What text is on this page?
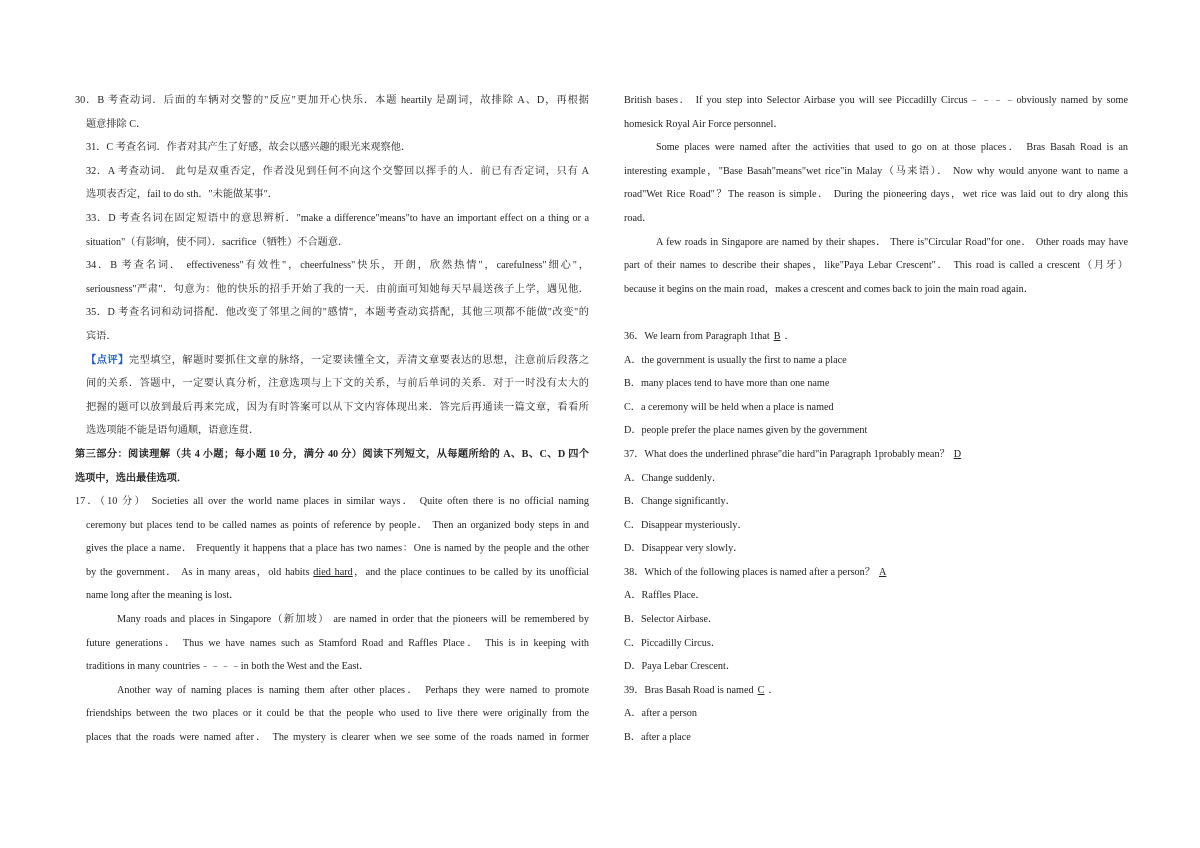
30．B 考查动词．后面的车辆对交警的"反应"更加开心快乐．本题 heartily 是副词，故排除 A、D，再根据

题意排除 C．

31．C 考查名词．作者对其产生了好感，故会以感兴趣的眼光来观察他．

32．A 考查动词． 此句是双重否定，作者没见到任何不向这个交警回以挥手的人．前已有否定词，只有 A

选项表否定，fail to do sth．"未能做某事"．

33．D 考查名词在固定短语中的意思辨析．"make a difference"means"to have an important effect on a thing or a

situation"（有影响，使不同）．sacrifice（牺牲）不合题意．

34．B 考查名词． effectiveness"有效性"，cheerfulness"快乐，开朗，欣然热情"，carefulness"细心"，

seriousness"严肃"．句意为：他的快乐的招手开始了我的一天．由前面可知她每天早晨送孩子上学，遇见他．

35．D 考查名词和动词搭配．他改变了邻里之间的"感情"，本题考查动宾搭配，其他三项都不能做"改变"的

宾语．

【点评】完型填空，解题时要抓住文章的脉络，一定要读懂全文，弄清文章要表达的思想，注意前后段落之

间的关系．答题中，一定要认真分析，注意选项与上下文的关系，与前后单词的关系．对于一时没有太大的

把握的题可以放到最后再来完成，因为有时答案可以从下文内容体现出来．答完后再通读一篇文章，看看所

选选项能不能是语句通顺，语意连贯．

第三部分：阅读理解（共 4 小题；每小题 10 分，满分 40 分）阅读下列短文，从每题所给的 A、B、C、D 四个

选项中，选出最佳选项．

17．（10 分） Societies all over the world name places in similar ways． Quite often there is no official naming

ceremony but places tend to be called names as points of reference by people． Then an organized body steps in and

gives the place a name． Frequently it happens that a place has two names：One is named by the people and the other

by the government． As in many areas，old habits died hard，and the place continues to be called by its unofficial

name long after the meaning is lost．

Many roads and places in Singapore（新加坡） are named in order that the pioneers will be remembered by

future generations． Thus we have names such as Stamford Road and Raffles Place． This is in keeping with

traditions in many countries﹣﹣﹣﹣in both the West and the East．

Another way of naming places is naming them after other places． Perhaps they were named to promote

friendships between the two places or it could be that the people who used to live there were originally from the

places that the roads were named after． The mystery is clearer when we see some of the roads named in former

British bases． If you step into Selector Airbase you will see Piccadilly Circus﹣﹣﹣﹣obviously named by some

homesick Royal Air Force personnel．

Some places were named after the activities that used to go on at those places． Bras Basah Road is an

interesting example，"Base Basah"means"wet rice"in Malay（马来语）． Now why would anyone want to name a

road"Wet Rice Road"？The reason is simple． During the pioneering days，wet rice was laid out to dry along this

road．

A few roads in Singapore are named by their shapes． There is"Circular Road"for one． Other roads may have

part of their names to describe their shapes，like"Paya Lebar Crescent"． This road is called a crescent（月牙）

because it begins on the main road，makes a crescent and comes back to join the main road again．

36．We learn from Paragraph 1that B ．

A．the government is usually the first to name a place

B．many places tend to have more than one name

C．a ceremony will be held when a place is named

D．people prefer the place names given by the government

37．What does the underlined phrase"die hard"in Paragraph 1probably mean？ D

A．Change suddenly．

B．Change significantly．

C．Disappear mysteriously．

D．Disappear very slowly．

38．Which of the following places is named after a person？ A

A．Raffles Place．

B．Selector Airbase．

C．Piccadilly Circus．

D．Paya Lebar Crescent．

39．Bras Basah Road is named C ．

A．after a person

B．after a place
